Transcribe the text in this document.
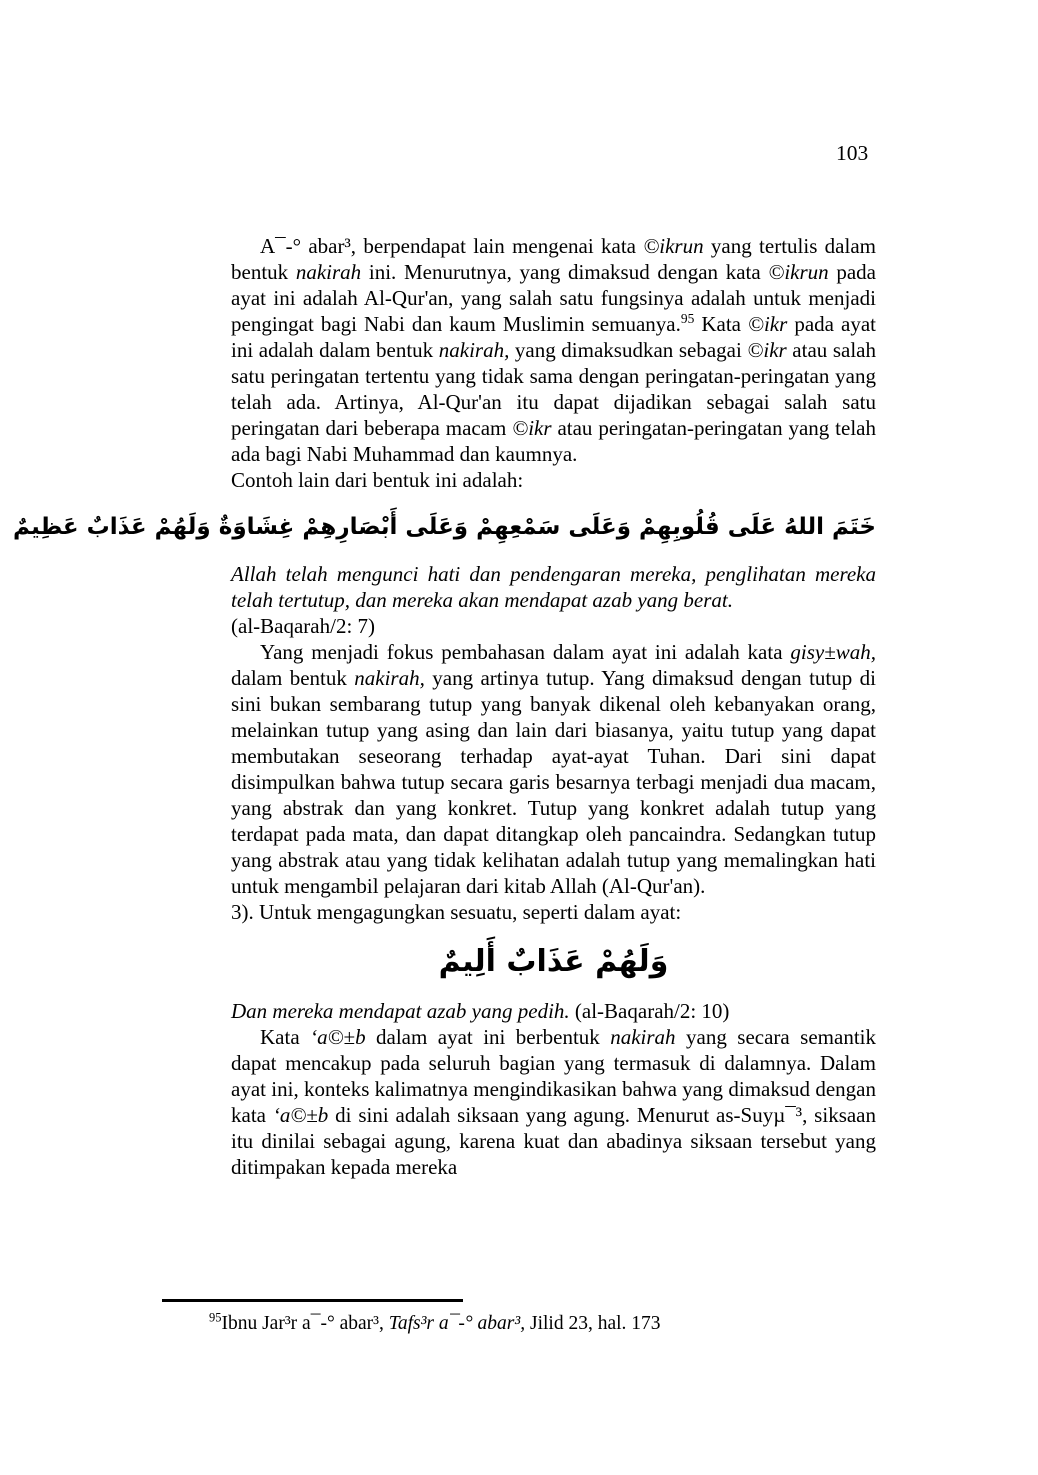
103

A¯-° abar³, berpendapat lain mengenai kata ©ikrun yang tertulis dalam bentuk nakirah ini. Menurutnya, yang dimaksud dengan kata ©ikrun pada ayat ini adalah Al-Qur'an, yang salah satu fungsinya adalah untuk menjadi pengingat bagi Nabi dan kaum Muslimin semuanya.$^{95}$ Kata ©ikr pada ayat ini adalah dalam bentuk nakirah, yang dimaksudkan sebagai ©ikr atau salah satu peringatan tertentu yang tidak sama dengan peringatan-peringatan yang telah ada. Artinya, Al-Qur'an itu dapat dijadikan sebagai salah satu peringatan dari beberapa macam ©ikr atau peringatan-peringatan yang telah ada bagi Nabi Muhammad dan kaumnya.

Contoh lain dari bentuk ini adalah:

خَتَمَ اللهُ عَلَى قُلُوبِهِمْ وَعَلَى سَمْعِهِمْ وَعَلَى أَبْصَارِهِمْ غِشَاوَةٌ وَلَهُمْ عَذَابٌ عَظِيمٌ
Allah telah mengunci hati dan pendengaran mereka, penglihatan mereka telah tertutup, dan mereka akan mendapat azab yang berat.
(al-Baqarah/2: 7)

Yang menjadi fokus pembahasan dalam ayat ini adalah kata gisy±wah, dalam bentuk nakirah, yang artinya tutup. Yang dimaksud dengan tutup di sini bukan sembarang tutup yang banyak dikenal oleh kebanyakan orang, melainkan tutup yang asing dan lain dari biasanya, yaitu tutup yang dapat membutakan seseorang terhadap ayat-ayat Tuhan. Dari sini dapat disimpulkan bahwa tutup secara garis besarnya terbagi menjadi dua macam, yang abstrak dan yang konkret. Tutup yang konkret adalah tutup yang terdapat pada mata, dan dapat ditangkap oleh pancaindra. Sedangkan tutup yang abstrak atau yang tidak kelihatan adalah tutup yang memalingkan hati untuk mengambil pelajaran dari kitab Allah (Al-Qur'an).

3). Untuk mengagungkan sesuatu, seperti dalam ayat:

وَلَهُمْ عَذَابٌ أَلِيمٌ

Dan mereka mendapat azab yang pedih. (al-Baqarah/2: 10)

Kata ‘a©±b dalam ayat ini berbentuk nakirah yang secara semantik dapat mencakup pada seluruh bagian yang termasuk di dalamnya. Dalam ayat ini, konteks kalimatnya mengindikasikan bahwa yang dimaksud dengan kata ‘a©±b di sini adalah siksaan yang agung. Menurut as-Suyµ¯³, siksaan itu dinilai sebagai agung, karena kuat dan abadinya siksaan tersebut yang ditimpakan kepada mereka

$^{95}$Ibnu Jar³r a¯-° abar³, Tafs³r a¯-° abar³, Jilid 23, hal. 173
